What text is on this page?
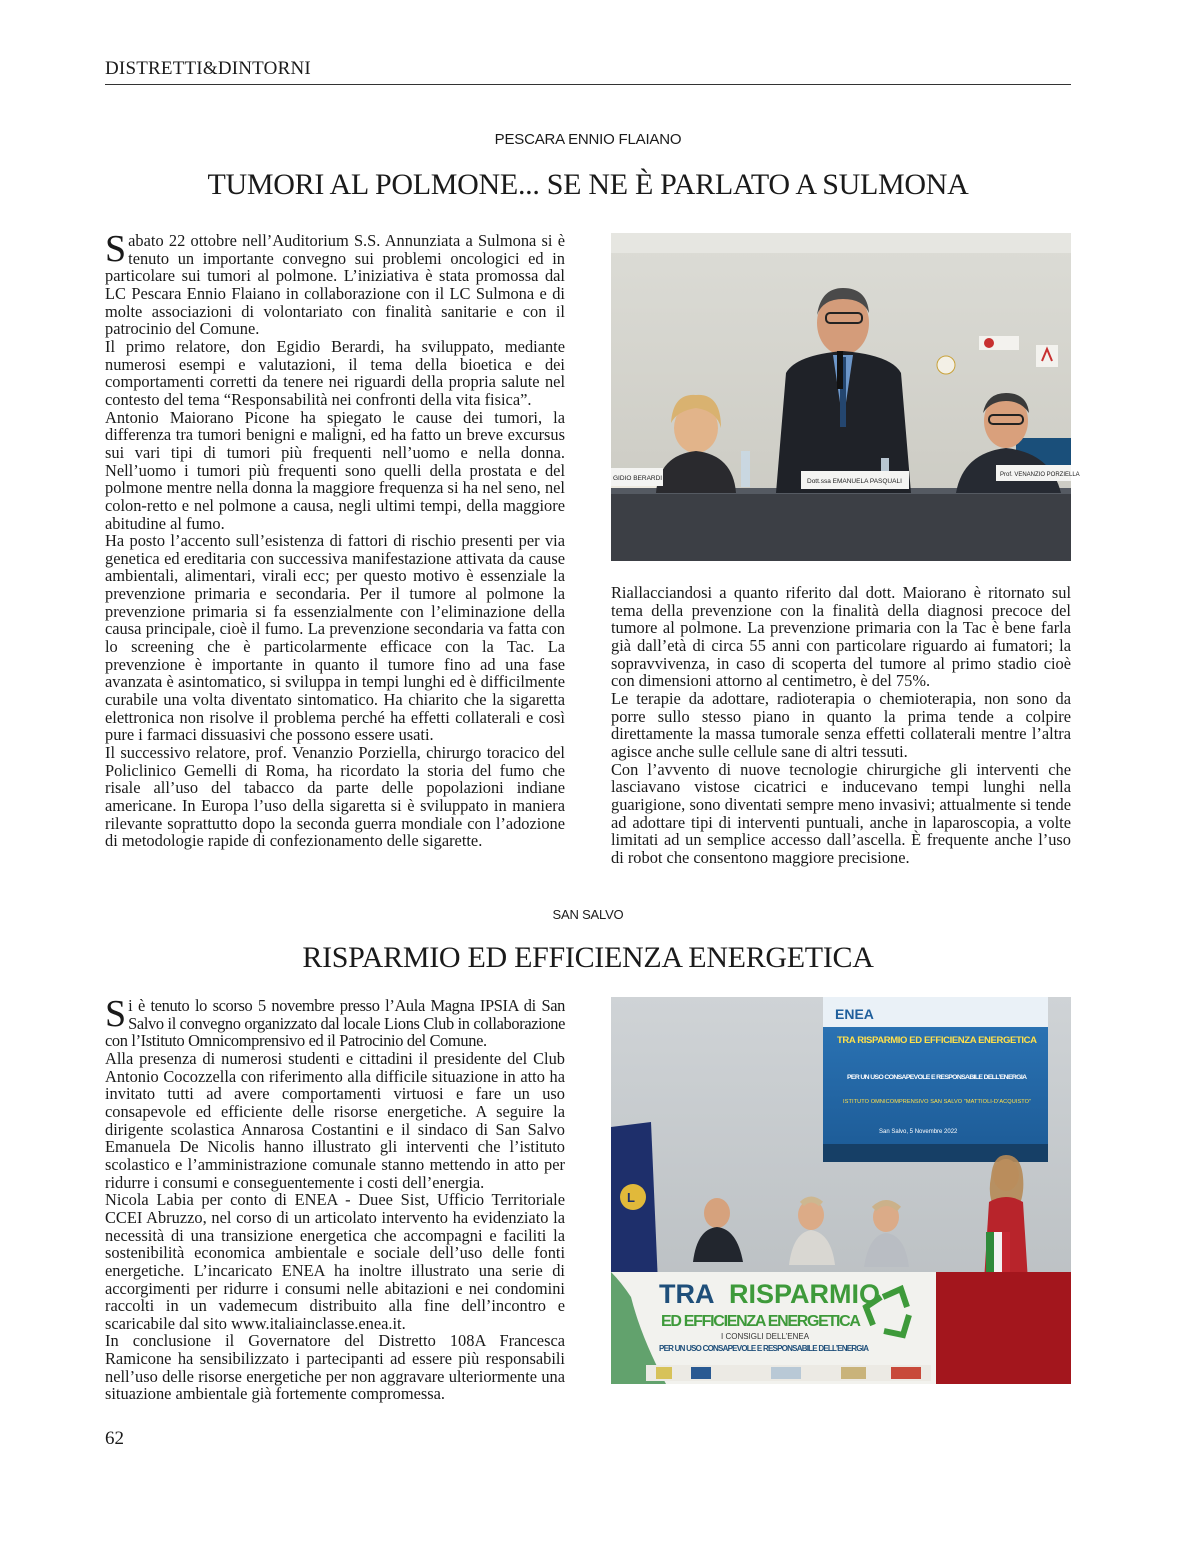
DISTRETTI&DINTORNI
PESCARA ENNIO FLAIANO
TUMORI AL POLMONE... SE NE È PARLATO A SULMONA

Sabato 22 ottobre nell’Auditorium S.S. Annunziata a Sulmona si è tenuto un importante convegno sui problemi oncologici ed in particolare sui tumori al polmone. L’iniziativa è stata promossa dal LC Pescara Ennio Flaiano in collaborazione con il LC Sulmona e di molte associazioni di volontariato con finalità sanitarie e con il patrocinio del Comune.

Il primo relatore, don Egidio Berardi, ha sviluppato, mediante numerosi esempi e valutazioni, il tema della bioetica e dei comportamenti corretti da tenere nei riguardi della propria salute nel contesto del tema “Responsabilità nei confronti della vita fisica”.

Antonio Maiorano Picone ha spiegato le cause dei tumori, la differenza tra tumori benigni e maligni, ed ha fatto un breve excursus sui vari tipi di tumori più frequenti nell’uomo e nella donna. Nell’uomo i tumori più frequenti sono quelli della prostata e del polmone mentre nella donna la maggiore frequenza si ha nel seno, nel colon-retto e nel polmone a causa, negli ultimi tempi, della maggiore abitudine al fumo.

Ha posto l’accento sull’esistenza di fattori di rischio presenti per via genetica ed ereditaria con successiva manifestazione attivata da cause ambientali, alimentari, virali ecc; per questo motivo è essenziale la prevenzione primaria e secondaria. Per il tumore al polmone la prevenzione primaria si fa essenzialmente con l’eliminazione della causa principale, cioè il fumo. La prevenzione secondaria va fatta con lo screening che è particolarmente efficace con la Tac. La prevenzione è importante in quanto il tumore fino ad una fase avanzata è asintomatico, si sviluppa in tempi lunghi ed è difficilmente curabile una volta diventato sintomatico. Ha chiarito che la sigaretta elettronica non risolve il problema perché ha effetti collaterali e così pure i farmaci dissuasivi che possono essere usati.

Il successivo relatore, prof. Venanzio Porziella, chirurgo toracico del Policlinico Gemelli di Roma, ha ricordato la storia del fumo che risale all’uso del tabacco da parte delle popolazioni indiane americane. In Europa l’uso della sigaretta si è sviluppato in maniera rilevante soprattutto dopo la seconda guerra mondiale con l’adozione di metodologie rapide di confezionamento delle sigarette.

GIDIO BERARDI	Dott.ssa EMANUELA PASQUALI
Prof. VENANZIO PORZIELLA

Riallacciandosi a quanto riferito dal dott. Maiorano è ritornato sul tema della prevenzione con la finalità della diagnosi precoce del tumore al polmone. La prevenzione primaria con la Tac è bene farla già dall’età di circa 55 anni con particolare riguardo ai fumatori; la sopravvivenza, in caso di scoperta del tumore al primo stadio cioè con dimensioni attorno al centimetro, è del 75%.

Le terapie da adottare, radioterapia o chemioterapia, non sono da porre sullo stesso piano in quanto la prima tende a colpire direttamente la massa tumorale senza effetti collaterali mentre l’altra agisce anche sulle cellule sane di altri tessuti.

Con l’avvento di nuove tecnologie chirurgiche gli interventi che lasciavano vistose cicatrici e inducevano tempi lunghi nella guarigione, sono diventati sempre meno invasivi; attualmente si tende ad adottare tipi di interventi puntuali, anche in laparoscopia, a volte limitati ad un semplice accesso dall’ascella. È frequente anche l’uso di robot che consentono maggiore precisione.

SAN SALVO
RISPARMIO ED EFFICIENZA ENERGETICA

Si è tenuto lo scorso 5 novembre presso l’Aula Magna IPSIA di San Salvo il convegno organizzato dal locale Lions Club in collaborazione con l’Istituto Omnicomprensivo ed il Patrocinio del Comune.

Alla presenza di numerosi studenti e cittadini il presidente del Club Antonio Cocozzella con riferimento alla difficile situazione in atto ha invitato tutti ad avere comportamenti virtuosi e fare un uso consapevole ed efficiente delle risorse energetiche. A seguire la dirigente scolastica Annarosa Costantini e il sindaco di San Salvo Emanuela De Nicolis hanno illustrato gli interventi che l’istituto scolastico e l’amministrazione comunale stanno mettendo in atto per ridurre i consumi e conseguentemente i costi dell’energia.

Nicola Labia per conto di ENEA - Duee Sist, Ufficio Territoriale CCEI Abruzzo, nel corso di un articolato intervento ha evidenziato la necessità di una transizione energetica che accompagni e faciliti la sostenibilità economica ambientale e sociale dell’uso delle fonti energetiche. L’incaricato ENEA ha inoltre illustrato una serie di accorgimenti per ridurre i consumi nelle abitazioni e nei condomini raccolti in un vademecum distribuito alla fine dell’incontro e scaricabile dal sito www.italiainclasse.enea.it.

In conclusione il Governatore del Distretto 108A Francesca Ramicone ha sensibilizzato i partecipanti ad essere più responsabili nell’uso delle risorse energetiche per non aggravare ulteriormente una situazione ambientale già fortemente compromessa.

ENEA
TRA RISPARMIO ED EFFICIENZA ENERGETICA
PER UN USO CONSAPEVOLE E RESPONSABILE DELL’ENERGIA
ISTITUTO OMNICOMPRENSIVO SAN SALVO “MATTIOLI-D’ACQUISTO”
San Salvo, 5 Novembre 2022
L
TRA RISPARMIO
ED EFFICIENZA ENERGETICA
I CONSIGLI DELL’ENEA
PER UN USO CONSAPEVOLE E RESPONSABILE DELL’ENERGIA
62
